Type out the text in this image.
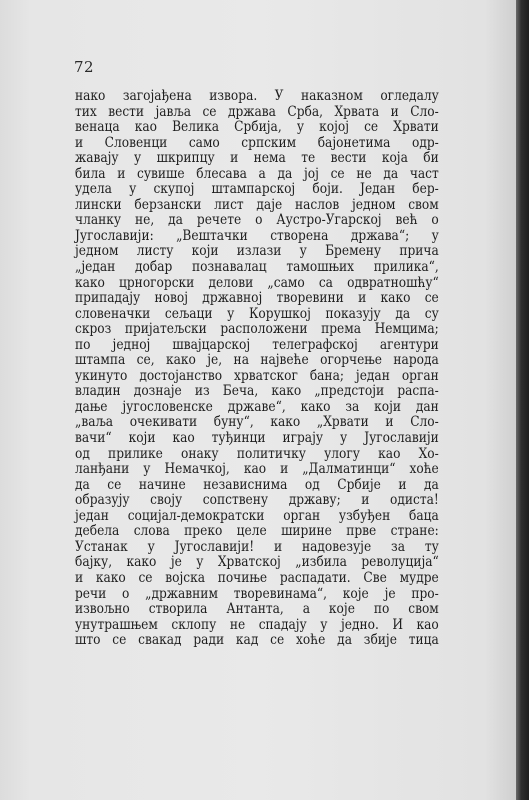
72
нако загојађена извора. У наказном огледалу
тих вести јавља се држава Срба, Хрвата и Сло-
венаца као Велика Србија, у којој се Хрвати
и Словенци само српским бајонетима одр-
жавају у шкрипцу и нема те вести која би
била и сувише блесава а да јој се не да част
удела у скупој штампарској боји. Један бер-
лински берзански лист даје наслов једном свом
чланку не, да речете о Аустро-Угарској већ о
Југославији: „Вештачки створена држава“; у
једном листу који излази у Бремену прича
„један добар познавалац тамошњих прилика“,
како црногорски делови „само са одвратношћу“
припадају новој државној творевини и како се
словеначки сељаци у Корушкој показују да су
скроз пријатељски расположени према Немцима;
по једној швајцарској телеграфској агентури
штампа се, како је, на највеће огорчење народа
укинуто достојанство хрватског бана; један орган
владин дознаје из Беча, како „предстоји распа-
дање југословенске државе“, како за који дан
„ваља очекивати буну“, како „Хрвати и Сло-
вачи“ који као туђинци играју у Југославији
од прилике онаку политичку улогу као Хо-
ланђани у Немачкој, као и „Далматинци“ хоће
да се начине независнима од Србије и да
образују своју сопствену државу; и одиста!
један социјал-демократски орган узбуђен баца
дебела слова преко целе ширине прве стране:
Устанак у Југославији! и надовезује за ту
бајку, како је у Хрватској „избила револуција“
и како се војска почиње распадати. Све мудре
речи о „државним творевинама“, које је про-
извољно створила Антанта, а које по свом
унутрашњем склопу не спадају у једно. И као
што се свакад ради кад се хоће да збије тица
